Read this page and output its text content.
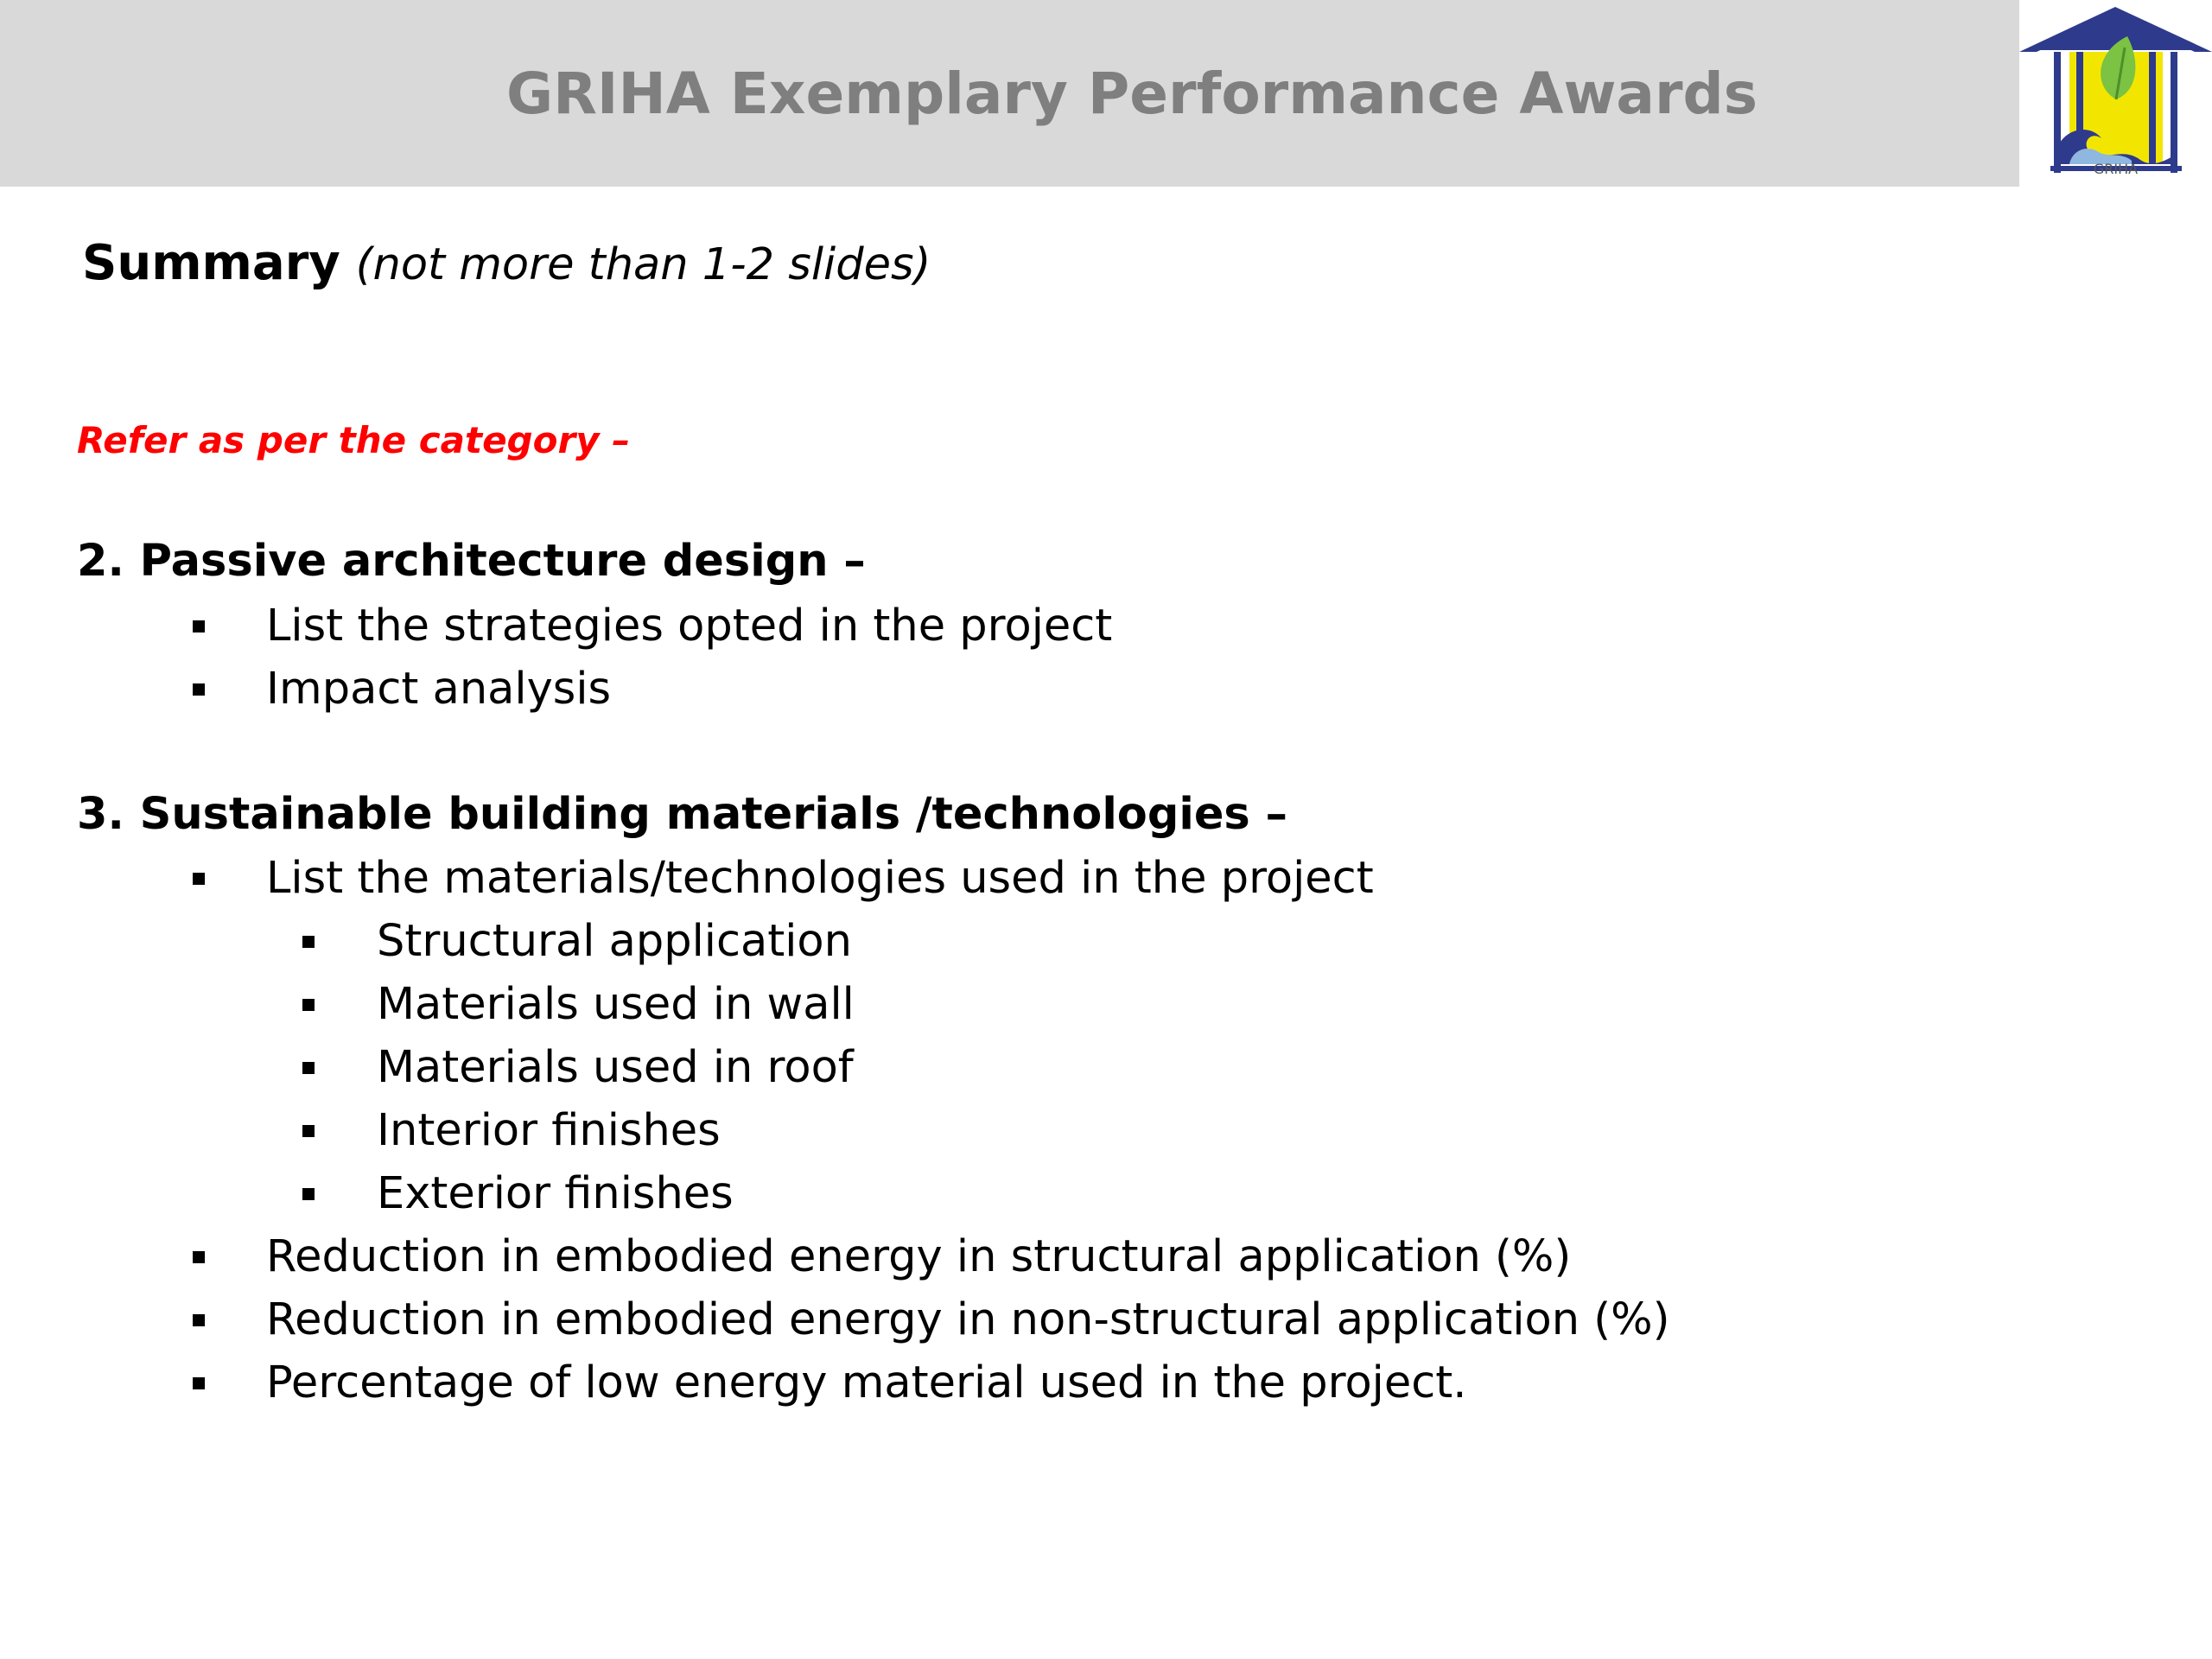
GRIHA Exemplary Performance Awards
GRIHA
Summary (not more than 1-2 slides)
Refer as per the category –
2. Passive architecture design –
List the strategies opted in the project
Impact analysis
3. Sustainable building materials /technologies –
List the materials/technologies used in the project
Structural application
Materials used in wall
Materials used in roof
Interior finishes
Exterior finishes
Reduction in embodied energy in structural application (%)
Reduction in embodied energy in non-structural application (%)
Percentage of low energy material used in the project.
